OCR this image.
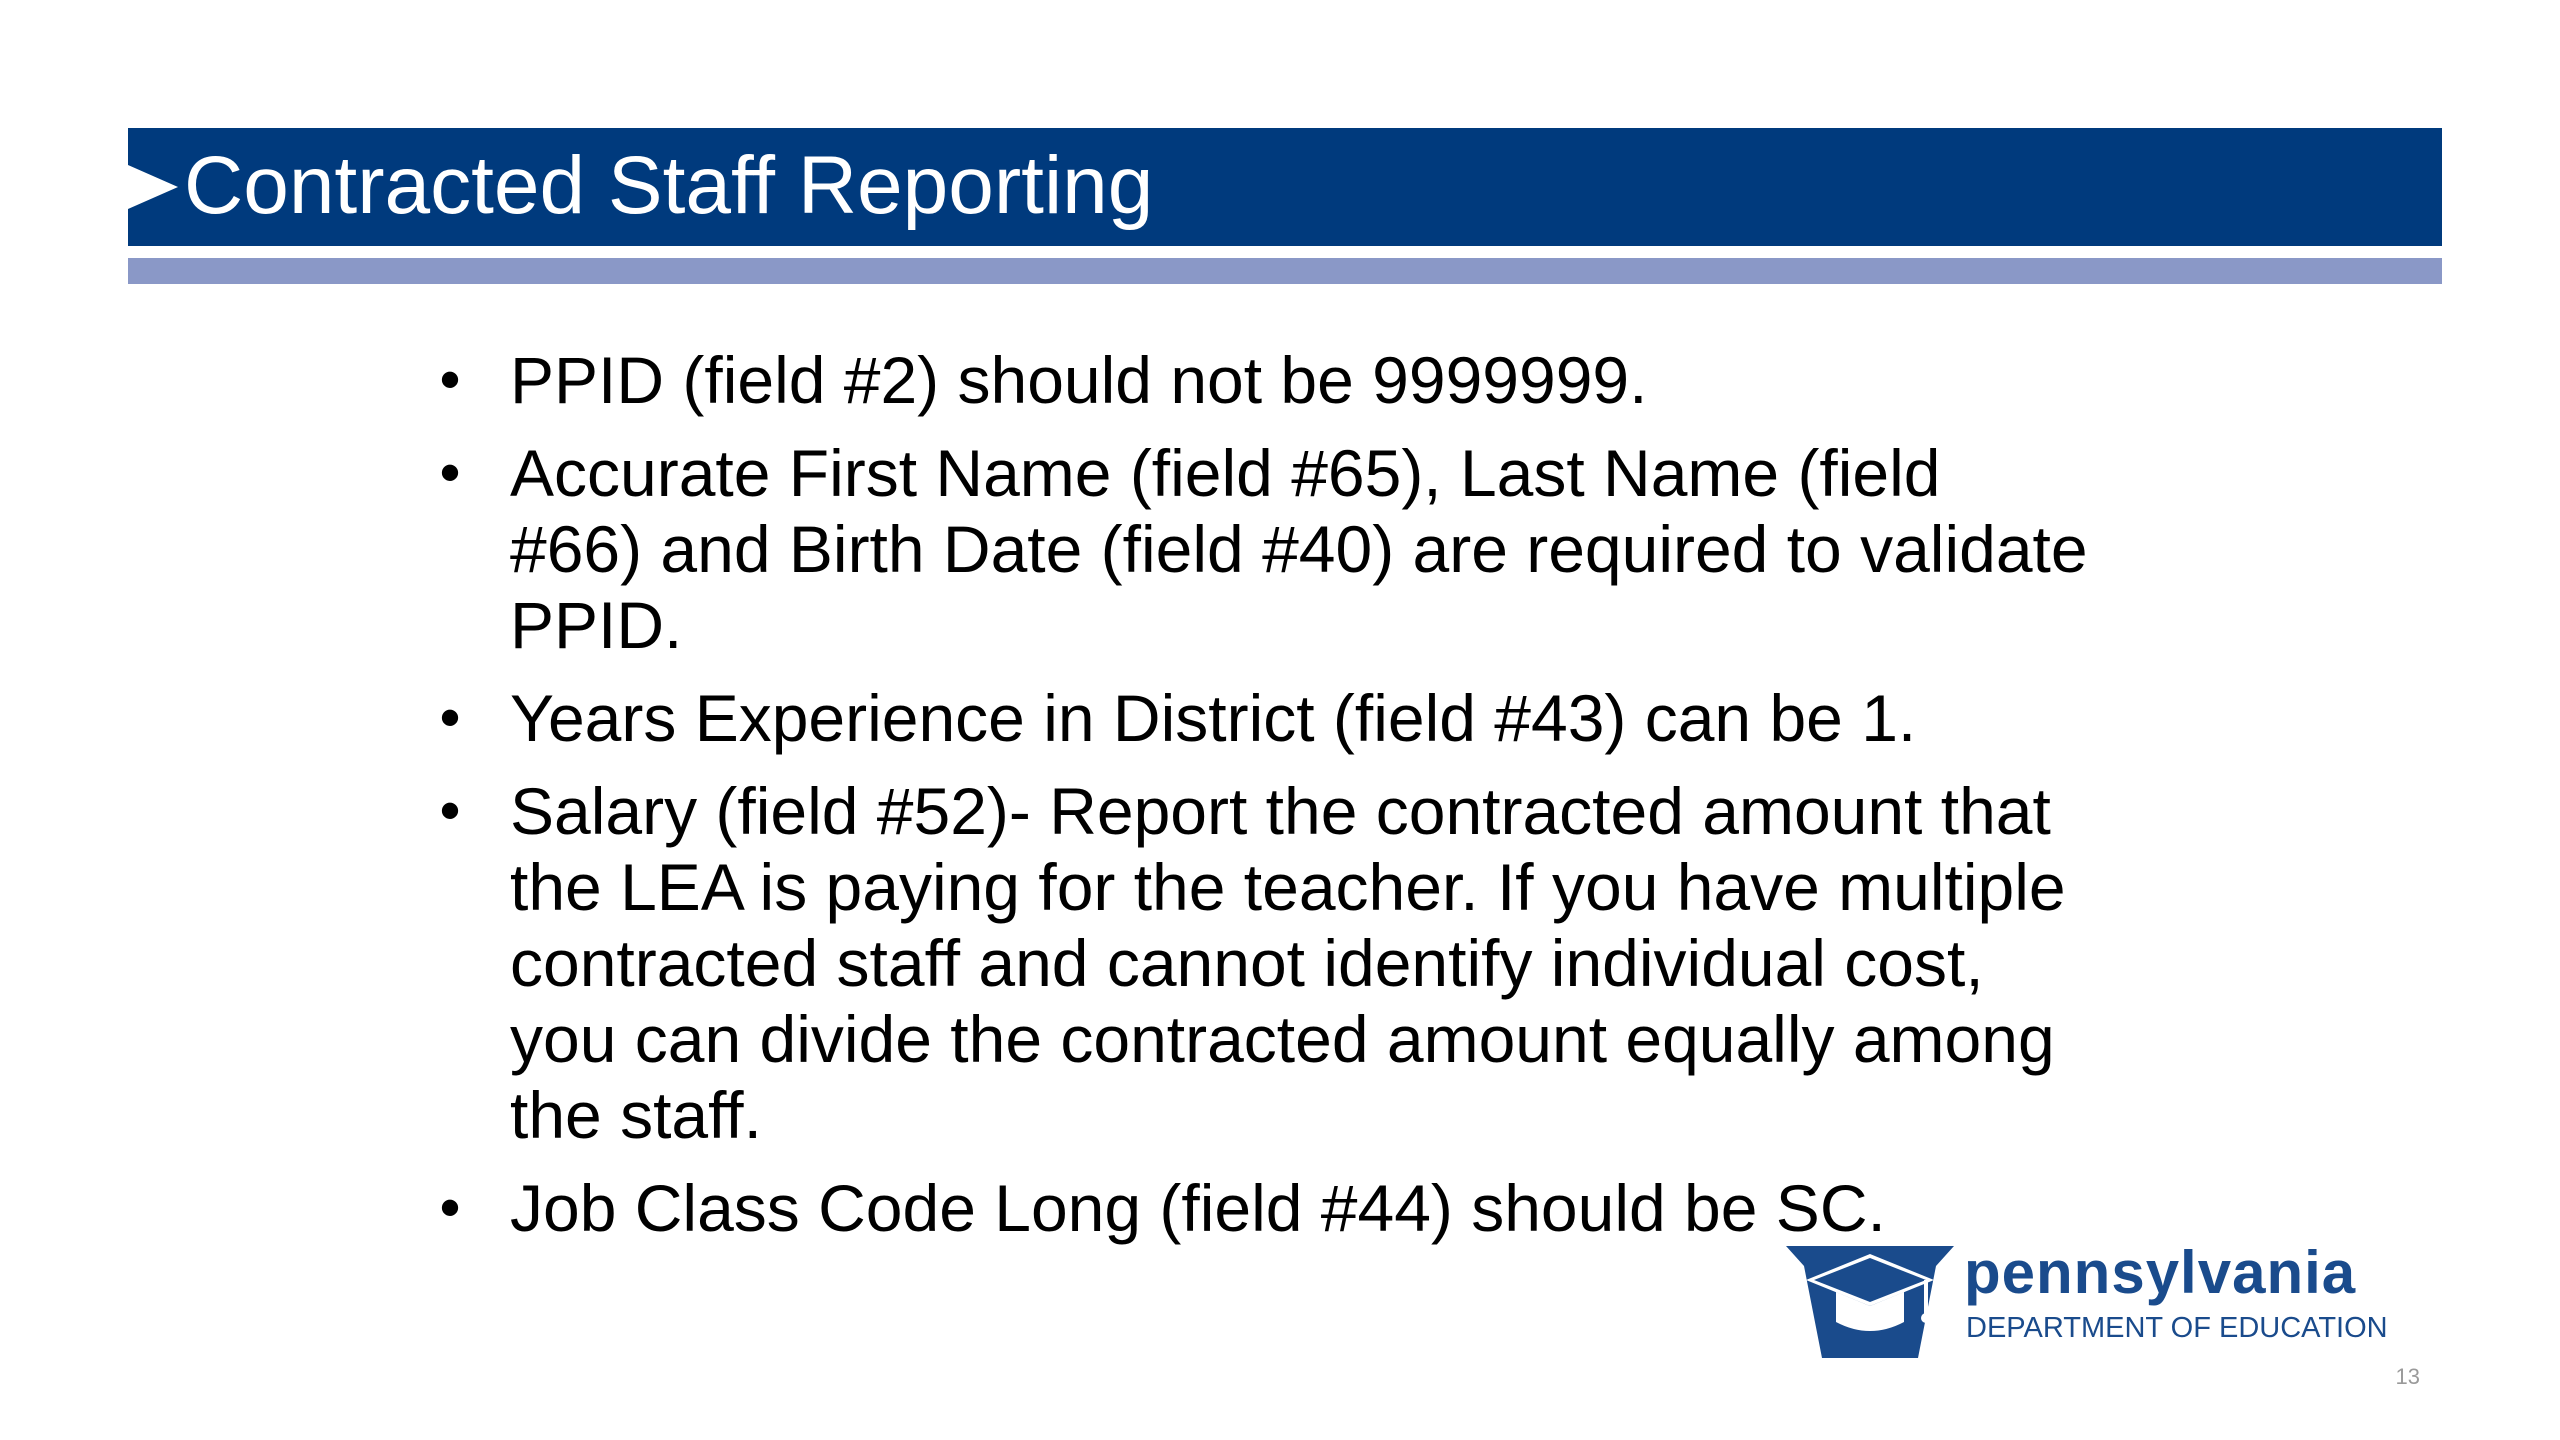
Contracted Staff Reporting
• PPID (field #2) should not be 9999999.
• Accurate First Name (field #65), Last Name (field #66) and Birth Date (field #40) are required to validate PPID.
• Years Experience in District (field #43) can be 1.
• Salary (field #52)- Report the contracted amount that the LEA is paying for the teacher. If you have multiple contracted staff and cannot identify individual cost, you can divide the contracted amount equally among the staff.
• Job Class Code Long (field #44) should be SC.
pennsylvania
DEPARTMENT OF EDUCATION
13
